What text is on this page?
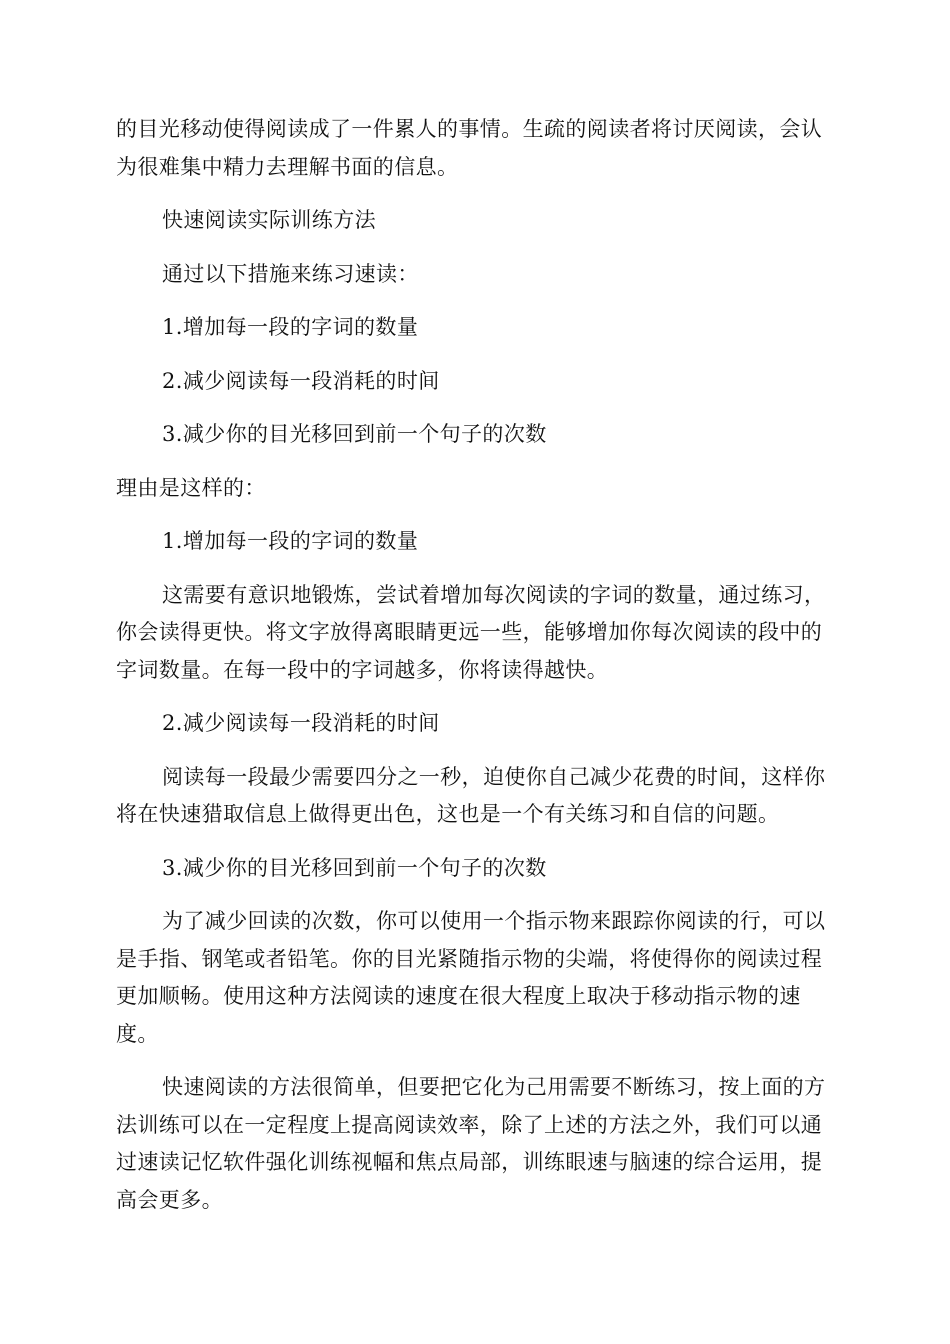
的目光移动使得阅读成了一件累人的事情。生疏的阅读者将讨厌阅读，会认为很难集中精力去理解书面的信息。

快速阅读实际训练方法

通过以下措施来练习速读：

1.增加每一段的字词的数量

2.减少阅读每一段消耗的时间

3.减少你的目光移回到前一个句子的次数

理由是这样的：

1.增加每一段的字词的数量

这需要有意识地锻炼，尝试着增加每次阅读的字词的数量，通过练习，你会读得更快。将文字放得离眼睛更远一些，能够增加你每次阅读的段中的字词数量。在每一段中的字词越多，你将读得越快。

2.减少阅读每一段消耗的时间

阅读每一段最少需要四分之一秒，迫使你自己减少花费的时间，这样你将在快速猎取信息上做得更出色，这也是一个有关练习和自信的问题。

3.减少你的目光移回到前一个句子的次数

为了减少回读的次数，你可以使用一个指示物来跟踪你阅读的行，可以是手指、钢笔或者铅笔。你的目光紧随指示物的尖端，将使得你的阅读过程更加顺畅。使用这种方法阅读的速度在很大程度上取决于移动指示物的速度。

快速阅读的方法很简单，但要把它化为己用需要不断练习，按上面的方法训练可以在一定程度上提高阅读效率，除了上述的方法之外，我们可以通过速读记忆软件强化训练视幅和焦点局部，训练眼速与脑速的综合运用，提高会更多。
